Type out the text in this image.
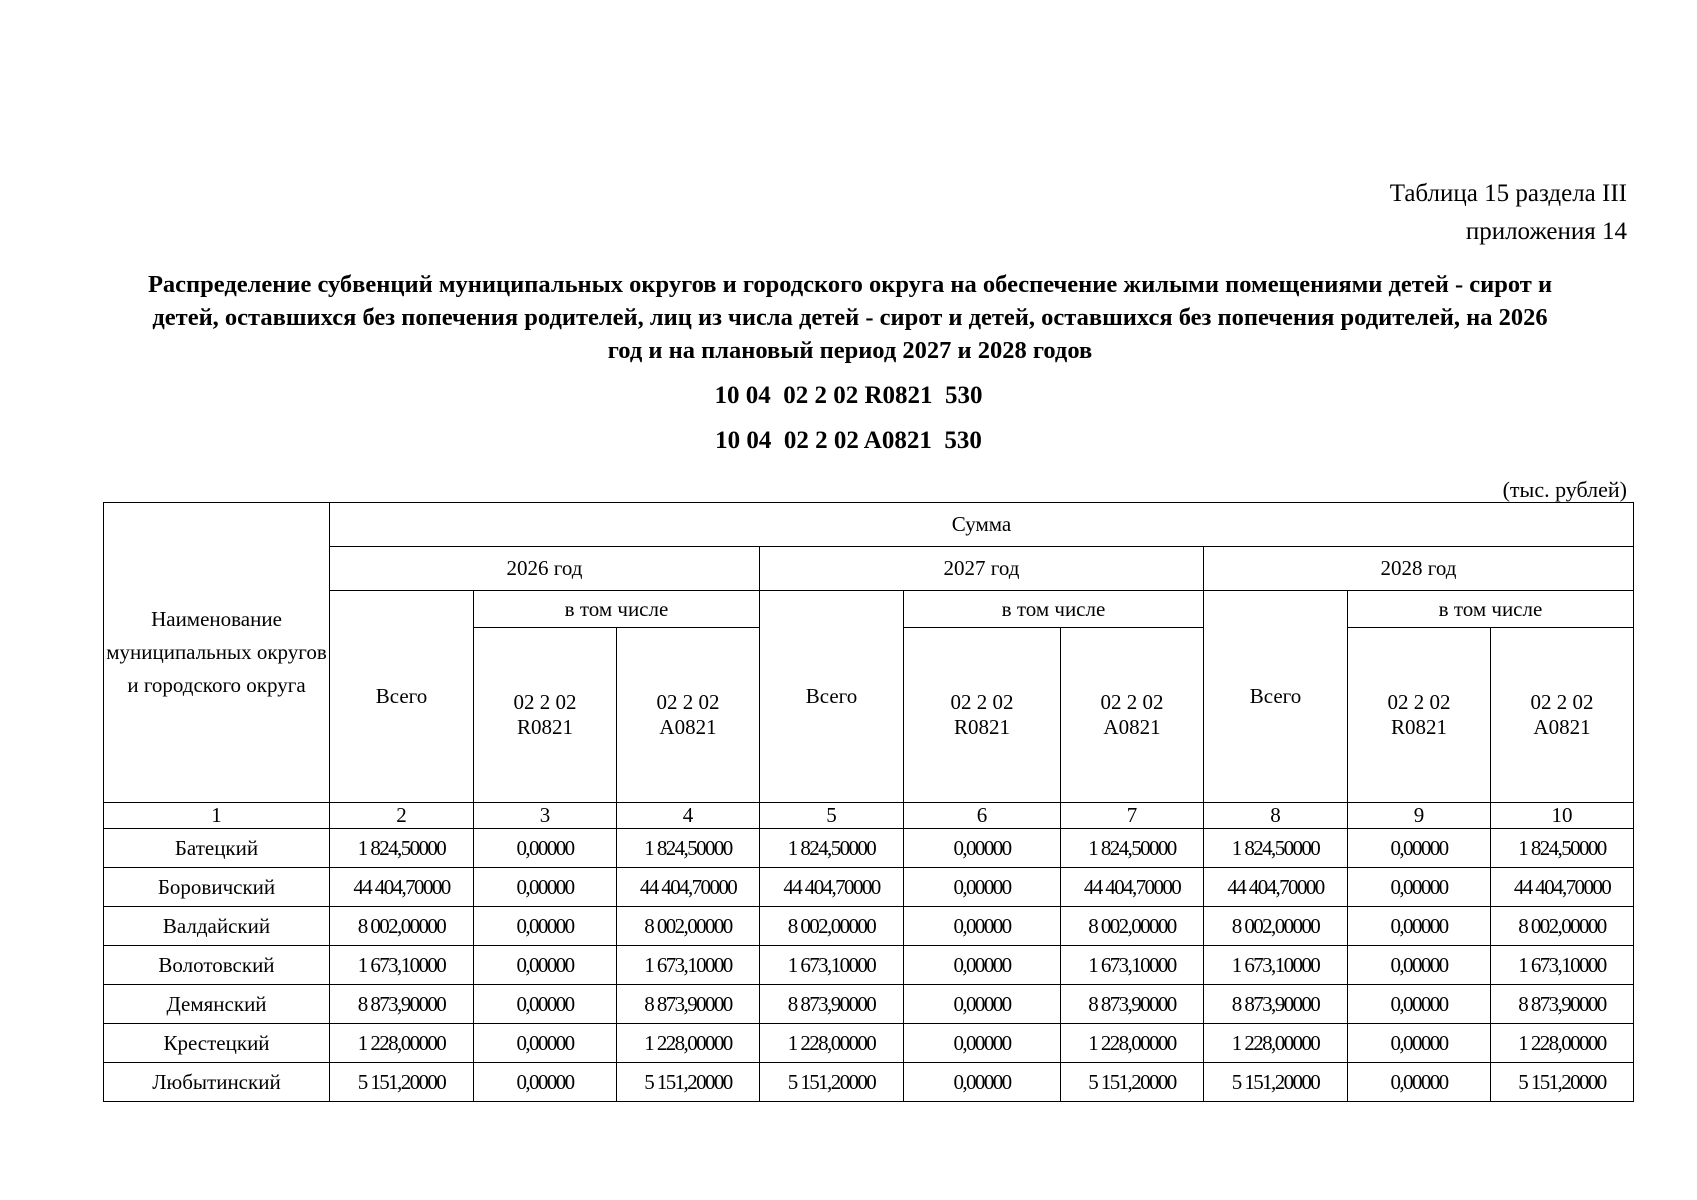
Таблица 15 раздела III
приложения 14
Распределение субвенций муниципальных округов и городского округа на обеспечение жилыми помещениями детей - сирот и детей, оставшихся без попечения родителей, лиц из числа детей - сирот и детей, оставшихся без попечения родителей, на 2026 год и на плановый период 2027 и 2028 годов
10 04  02 2 02 R0821  530
10 04  02 2 02 A0821  530
(тыс. рублей)
Наименование муниципальных округов и городского округа	Сумма								
	2026 год			2027 год			2028 год		
	Всего	в том числе		Всего	в том числе		Всего	в том числе	
		02 2 02 R0821	02 2 02 A0821		02 2 02 R0821	02 2 02 A0821		02 2 02 R0821	02 2 02 A0821
1	2	3	4	5	6	7	8	9	10
Батецкий	1 824,50000	0,00000	1 824,50000	1 824,50000	0,00000	1 824,50000	1 824,50000	0,00000	1 824,50000
Боровичский	44 404,70000	0,00000	44 404,70000	44 404,70000	0,00000	44 404,70000	44 404,70000	0,00000	44 404,70000
Валдайский	8 002,00000	0,00000	8 002,00000	8 002,00000	0,00000	8 002,00000	8 002,00000	0,00000	8 002,00000
Волотовский	1 673,10000	0,00000	1 673,10000	1 673,10000	0,00000	1 673,10000	1 673,10000	0,00000	1 673,10000
Демянский	8 873,90000	0,00000	8 873,90000	8 873,90000	0,00000	8 873,90000	8 873,90000	0,00000	8 873,90000
Крестецкий	1 228,00000	0,00000	1 228,00000	1 228,00000	0,00000	1 228,00000	1 228,00000	0,00000	1 228,00000
Любытинский	5 151,20000	0,00000	5 151,20000	5 151,20000	0,00000	5 151,20000	5 151,20000	0,00000	5 151,20000
